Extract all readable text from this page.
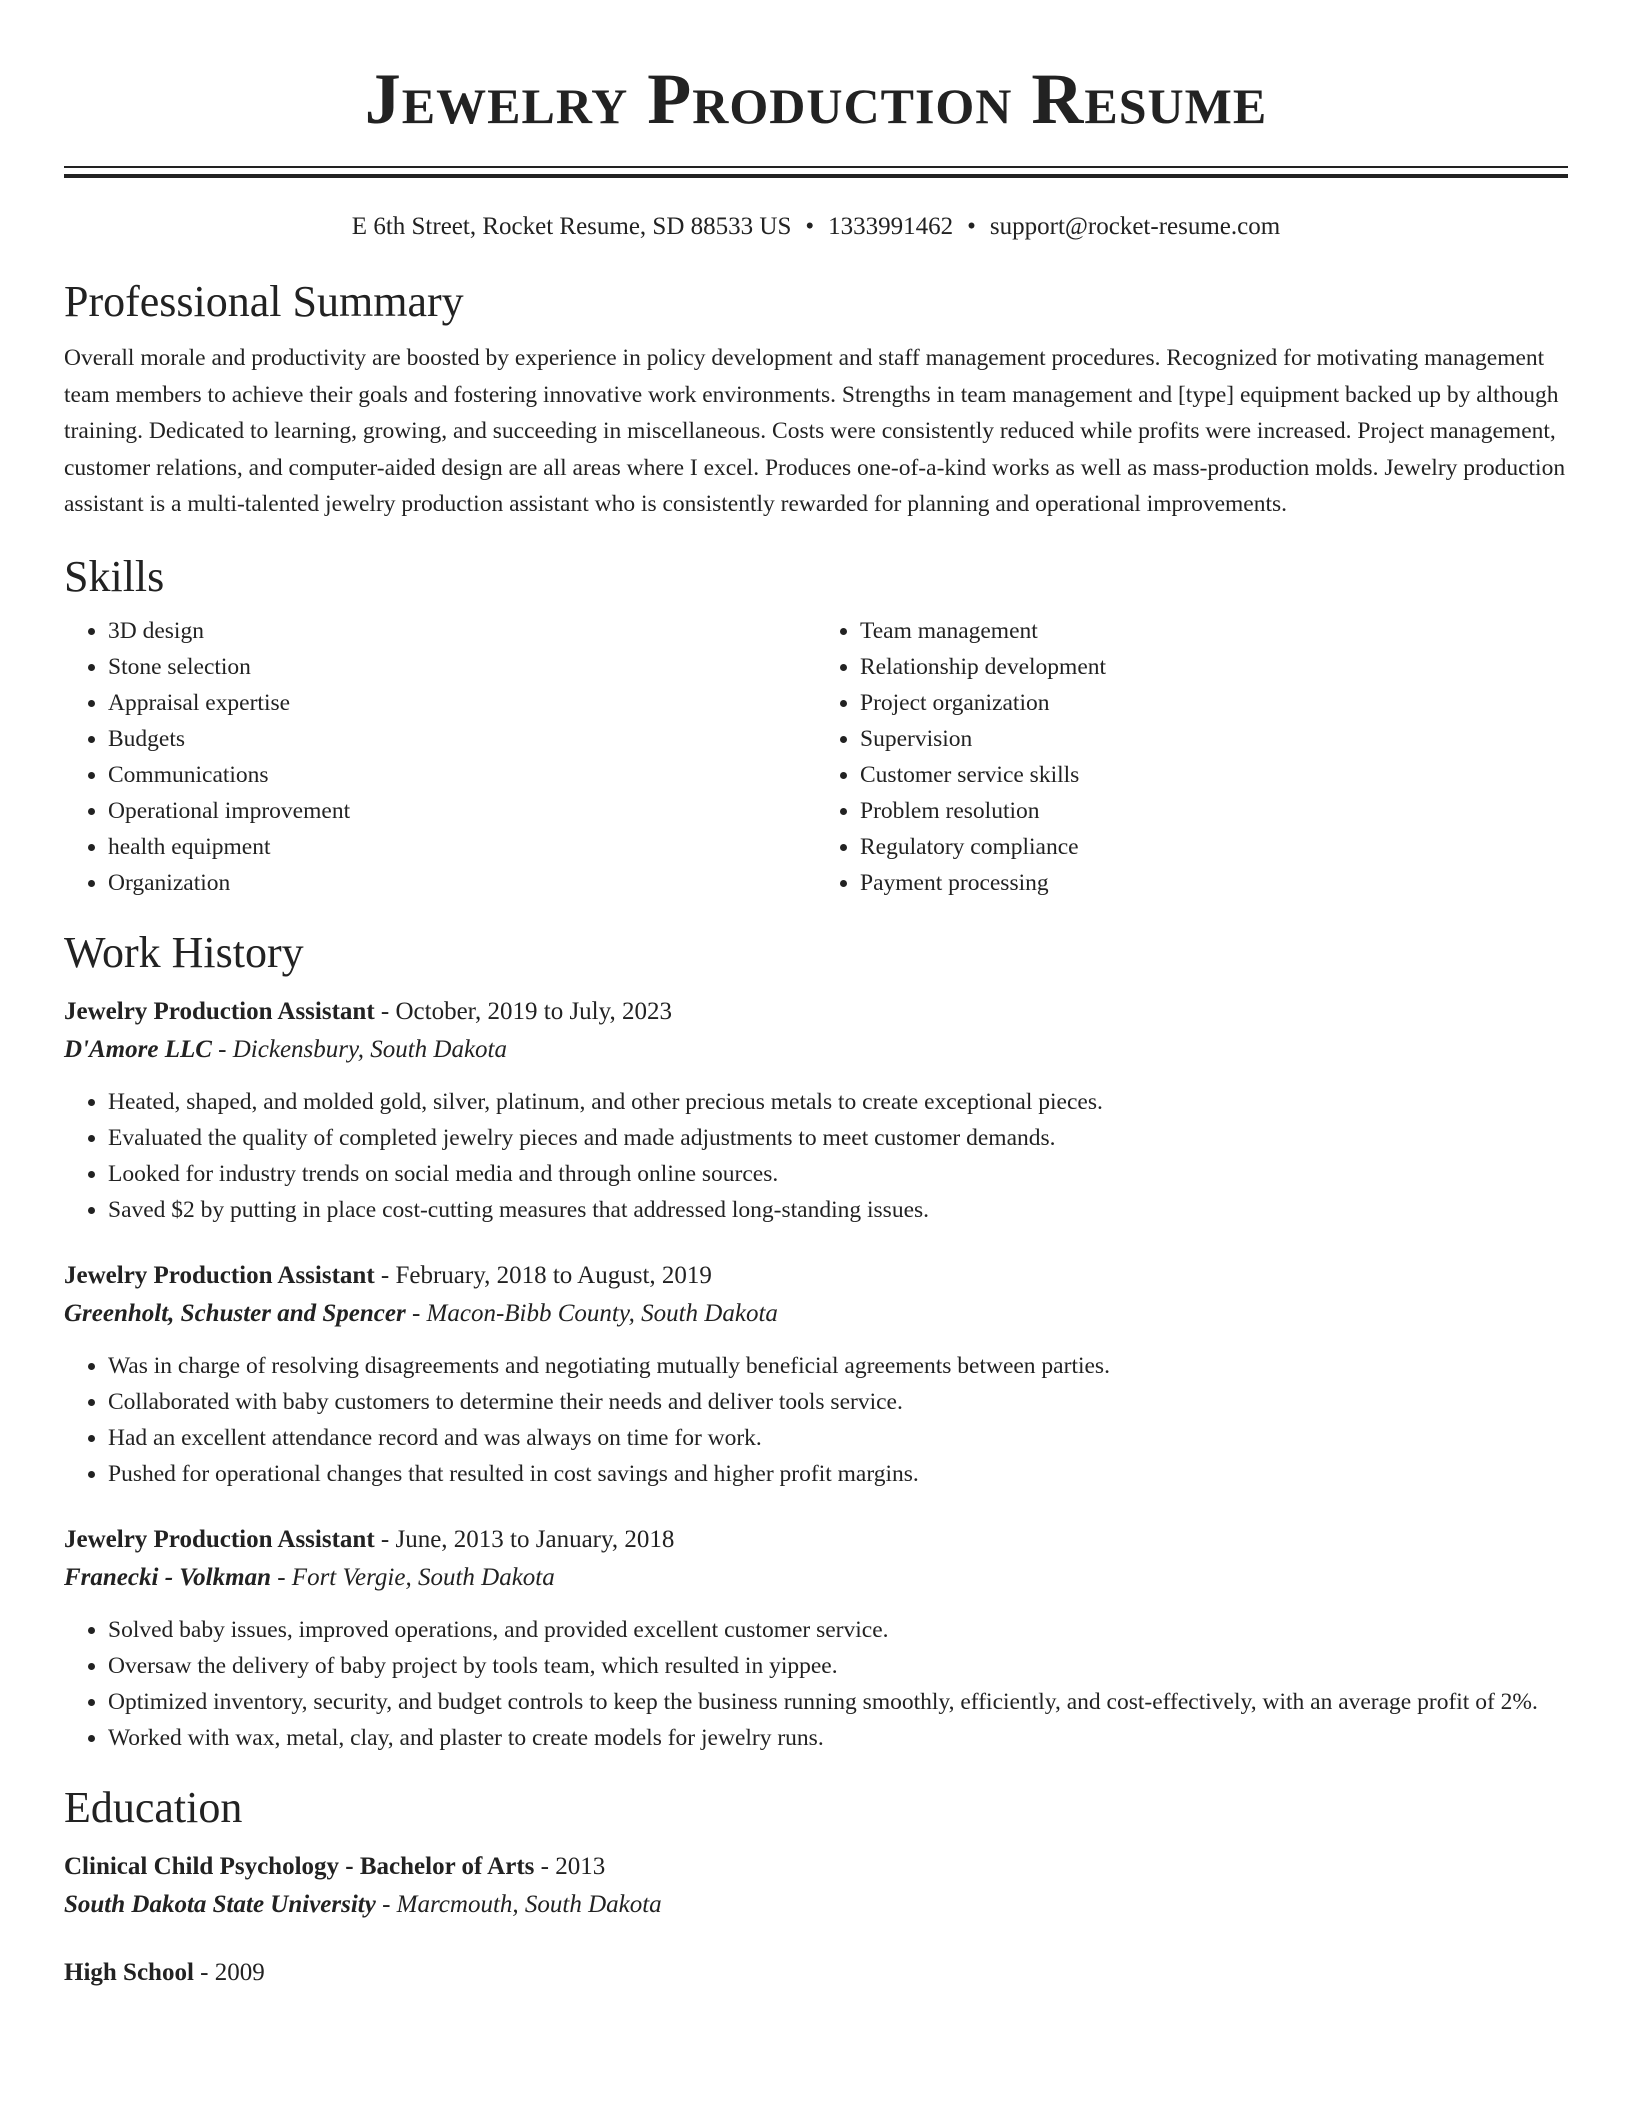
Jewelry Production Resume
E 6th Street, Rocket Resume, SD 88533 US • 1333991462 • support@rocket-resume.com
Professional Summary

Overall morale and productivity are boosted by experience in policy development and staff management procedures. Recognized for motivating management team members to achieve their goals and fostering innovative work environments. Strengths in team management and [type] equipment backed up by although training. Dedicated to learning, growing, and succeeding in miscellaneous. Costs were consistently reduced while profits were increased. Project management, customer relations, and computer-aided design are all areas where I excel. Produces one-of-a-kind works as well as mass-production molds. Jewelry production assistant is a multi-talented jewelry production assistant who is consistently rewarded for planning and operational improvements.

Skills
• 3D design
• Stone selection
• Appraisal expertise
• Budgets
• Communications
• Operational improvement
• health equipment
• Organization
• Team management
• Relationship development
• Project organization
• Supervision
• Customer service skills
• Problem resolution
• Regulatory compliance
• Payment processing
Work History
Jewelry Production Assistant - October, 2019 to July, 2023
D'Amore LLC - Dickensbury, South Dakota
• Heated, shaped, and molded gold, silver, platinum, and other precious metals to create exceptional pieces.
• Evaluated the quality of completed jewelry pieces and made adjustments to meet customer demands.
• Looked for industry trends on social media and through online sources.
• Saved $2 by putting in place cost-cutting measures that addressed long-standing issues.
Jewelry Production Assistant - February, 2018 to August, 2019
Greenholt, Schuster and Spencer - Macon-Bibb County, South Dakota
• Was in charge of resolving disagreements and negotiating mutually beneficial agreements between parties.
• Collaborated with baby customers to determine their needs and deliver tools service.
• Had an excellent attendance record and was always on time for work.
• Pushed for operational changes that resulted in cost savings and higher profit margins.
Jewelry Production Assistant - June, 2013 to January, 2018
Franecki - Volkman - Fort Vergie, South Dakota
• Solved baby issues, improved operations, and provided excellent customer service.
• Oversaw the delivery of baby project by tools team, which resulted in yippee.
• Optimized inventory, security, and budget controls to keep the business running smoothly, efficiently, and cost-effectively, with an average profit of 2%.
• Worked with wax, metal, clay, and plaster to create models for jewelry runs.
Education
Clinical Child Psychology - Bachelor of Arts - 2013
South Dakota State University - Marcmouth, South Dakota
High School - 2009
